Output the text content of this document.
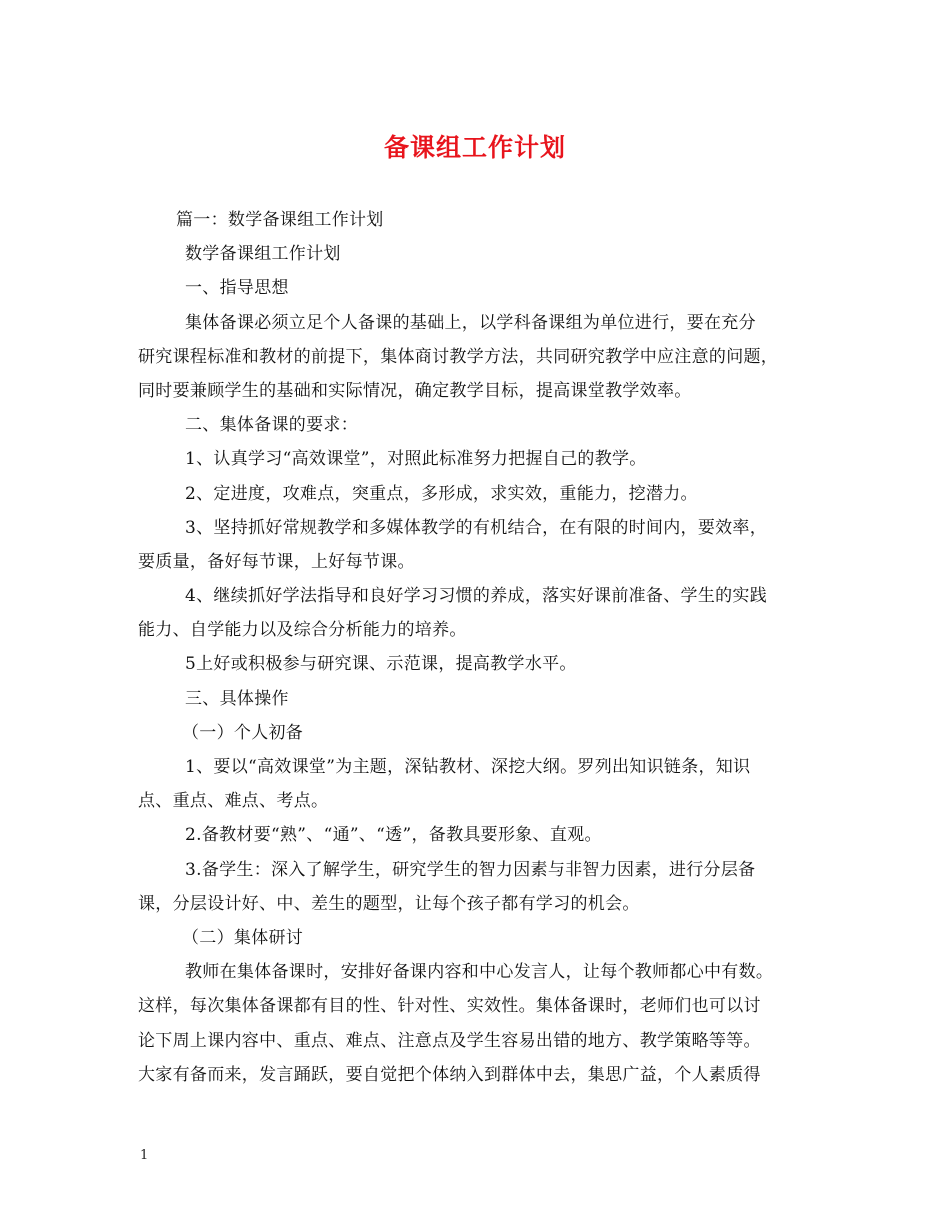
备课组工作计划
篇一：数学备课组工作计划
数学备课组工作计划
一、指导思想
集体备课必须立足个人备课的基础上，以学科备课组为单位进行，要在充分
研究课程标准和教材的前提下，集体商讨教学方法，共同研究教学中应注意的问题，
同时要兼顾学生的基础和实际情况，确定教学目标，提高课堂教学效率。
二、集体备课的要求：
1、认真学习“高效课堂”，对照此标准努力把握自己的教学。
2、定进度，攻难点，突重点，多形成，求实效，重能力，挖潜力。
3、坚持抓好常规教学和多媒体教学的有机结合，在有限的时间内，要效率，
要质量，备好每节课，上好每节课。
4、继续抓好学法指导和良好学习习惯的养成，落实好课前准备、学生的实践
能力、自学能力以及综合分析能力的培养。
5上好或积极参与研究课、示范课，提高教学水平。
三、具体操作
（一）个人初备
1、要以“高效课堂”为主题，深钻教材、深挖大纲。罗列出知识链条，知识
点、重点、难点、考点。
2.备教材要“熟”、“通”、“透”，备教具要形象、直观。
3.备学生：深入了解学生，研究学生的智力因素与非智力因素，进行分层备
课，分层设计好、中、差生的题型，让每个孩子都有学习的机会。
（二）集体研讨
教师在集体备课时，安排好备课内容和中心发言人，让每个教师都心中有数。
这样，每次集体备课都有目的性、针对性、实效性。集体备课时，老师们也可以讨
论下周上课内容中、重点、难点、注意点及学生容易出错的地方、教学策略等等。
大家有备而来，发言踊跃，要自觉把个体纳入到群体中去，集思广益，个人素质得
1
